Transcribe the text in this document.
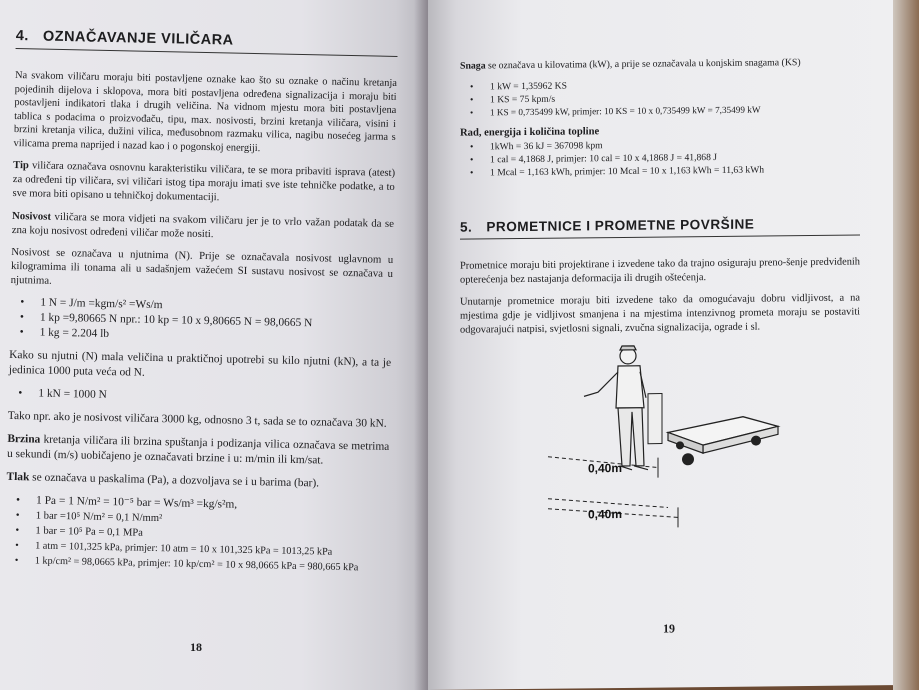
4. OZNAČAVANJE VILIČARA

Na svakom viličaru moraju biti postavljene oznake kao što su oznake o načinu kretanja pojedinih dijelova i sklopova, mora biti postavljena određena signalizacija i moraju biti postavljeni indikatori tlaka i drugih veličina. Na vidnom mjestu mora biti postavljena tablica s podacima o proizvođaču, tipu, max. nosivosti, brzini kretanja viličara, visini i brzini kretanja vilica, dužini vilica, međusobnom razmaku vilica, nagibu nosećeg jarma s vilicama prema naprijed i nazad kao i o pogonskoj energiji.

Tip viličara označava osnovnu karakteristiku viličara, te se mora pribaviti isprava (atest) za određeni tip viličara, svi viličari istog tipa moraju imati sve iste tehničke podatke, a to sve mora biti opisano u tehničkoj dokumentaciji.

Nosivost viličara se mora vidjeti na svakom viličaru jer je to vrlo važan podatak da se zna koju nosivost određeni viličar može nositi.

Nosivost se označava u njutnima (N). Prije se označavala nosivost uglavnom u kilogramima ili tonama ali u sadašnjem važećem SI sustavu nosivost se označava u njutnima.

• 1 N = J/m =kgm/s² =Ws/m
• 1 kp =9,80665 N npr.: 10 kp = 10 x 9,80665 N = 98,0665 N
• 1 kg = 2.204 lb

Kako su njutni (N) mala veličina u praktičnoj upotrebi su kilo njutni (kN), a ta je jedinica 1000 puta veća od N.

• 1 kN = 1000 N

Tako npr. ako je nosivost viličara 3000 kg, odnosno 3 t, sada se to označava 30 kN.

Brzina kretanja viličara ili brzina spuštanja i podizanja vilica označava se metrima u sekundi (m/s) uobičajeno je označavati brzine i u: m/min ili km/sat.

Tlak se označava u paskalima (Pa), a dozvoljava se i u barima (bar).

• 1 Pa = 1 N/m² = 10⁻⁵ bar = Ws/m³ =kg/s²m,
• 1 bar =10⁵ N/m² = 0,1 N/mm²
• 1 bar = 10⁵ Pa = 0,1 MPa
• 1 atm = 101,325 kPa, primjer: 10 atm = 10 x 101,325 kPa = 1013,25 kPa
• 1 kp/cm² = 98,0665 kPa, primjer: 10 kp/cm² = 10 x 98,0665 kPa = 980,665 kPa
18

Snaga se označava u kilovatima (kW), a prije se označavala u konjskim snagama (KS)

• 1 kW = 1,35962 KS
• 1 KS = 75 kpm/s
• 1 KS = 0,735499 kW, primjer: 10 KS = 10 x 0,735499 kW = 7,35499 kW
Rad, energija i količina topline
• 1kWh = 36 kJ = 367098 kpm
• 1 cal = 4,1868 J, primjer: 10 cal = 10 x 4,1868 J = 41,868 J
• 1 Mcal = 1,163 kWh, primjer: 10 Mcal = 10 x 1,163 kWh = 11,63 kWh
5. PROMETNICE I PROMETNE POVRŠINE

Prometnice moraju biti projektirane i izvedene tako da trajno osiguraju preno-šenje predviđenih opterećenja bez nastajanja deformacija ili drugih oštećenja.

Unutarnje prometnice moraju biti izvedene tako da omogućavaju dobru vidljivost, a na mjestima gdje je vidljivost smanjena i na mjestima intenzivnog prometa moraju se postaviti odgovarajući natpisi, svjetlosni signali, zvučna signalizacija, ograde i sl.

0,40m
0,40m
19
